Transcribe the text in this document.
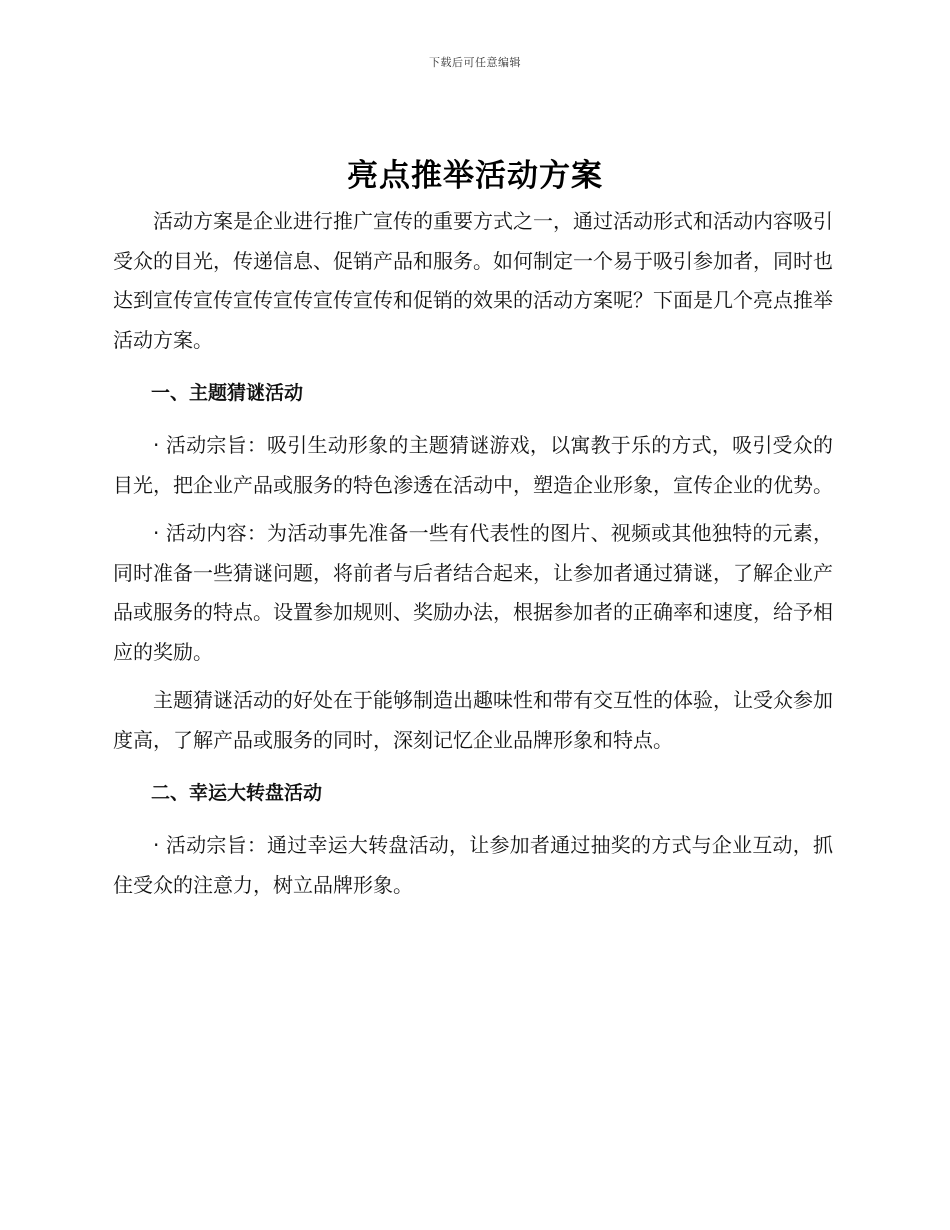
下载后可任意编辑
亮点推举活动方案

活动方案是企业进行推广宣传的重要方式之一，通过活动形式和活动内容吸引受众的目光，传递信息、促销产品和服务。如何制定一个易于吸引参加者，同时也达到宣传宣传宣传宣传宣传宣传和促销的效果的活动方案呢？下面是几个亮点推举活动方案。

一、主题猜谜活动

· 活动宗旨：吸引生动形象的主题猜谜游戏，以寓教于乐的方式，吸引受众的目光，把企业产品或服务的特色渗透在活动中，塑造企业形象，宣传企业的优势。

· 活动内容：为活动事先准备一些有代表性的图片、视频或其他独特的元素，同时准备一些猜谜问题，将前者与后者结合起来，让参加者通过猜谜，了解企业产品或服务的特点。设置参加规则、奖励办法，根据参加者的正确率和速度，给予相应的奖励。

主题猜谜活动的好处在于能够制造出趣味性和带有交互性的体验，让受众参加度高，了解产品或服务的同时，深刻记忆企业品牌形象和特点。

二、幸运大转盘活动

· 活动宗旨：通过幸运大转盘活动，让参加者通过抽奖的方式与企业互动，抓住受众的注意力，树立品牌形象。
